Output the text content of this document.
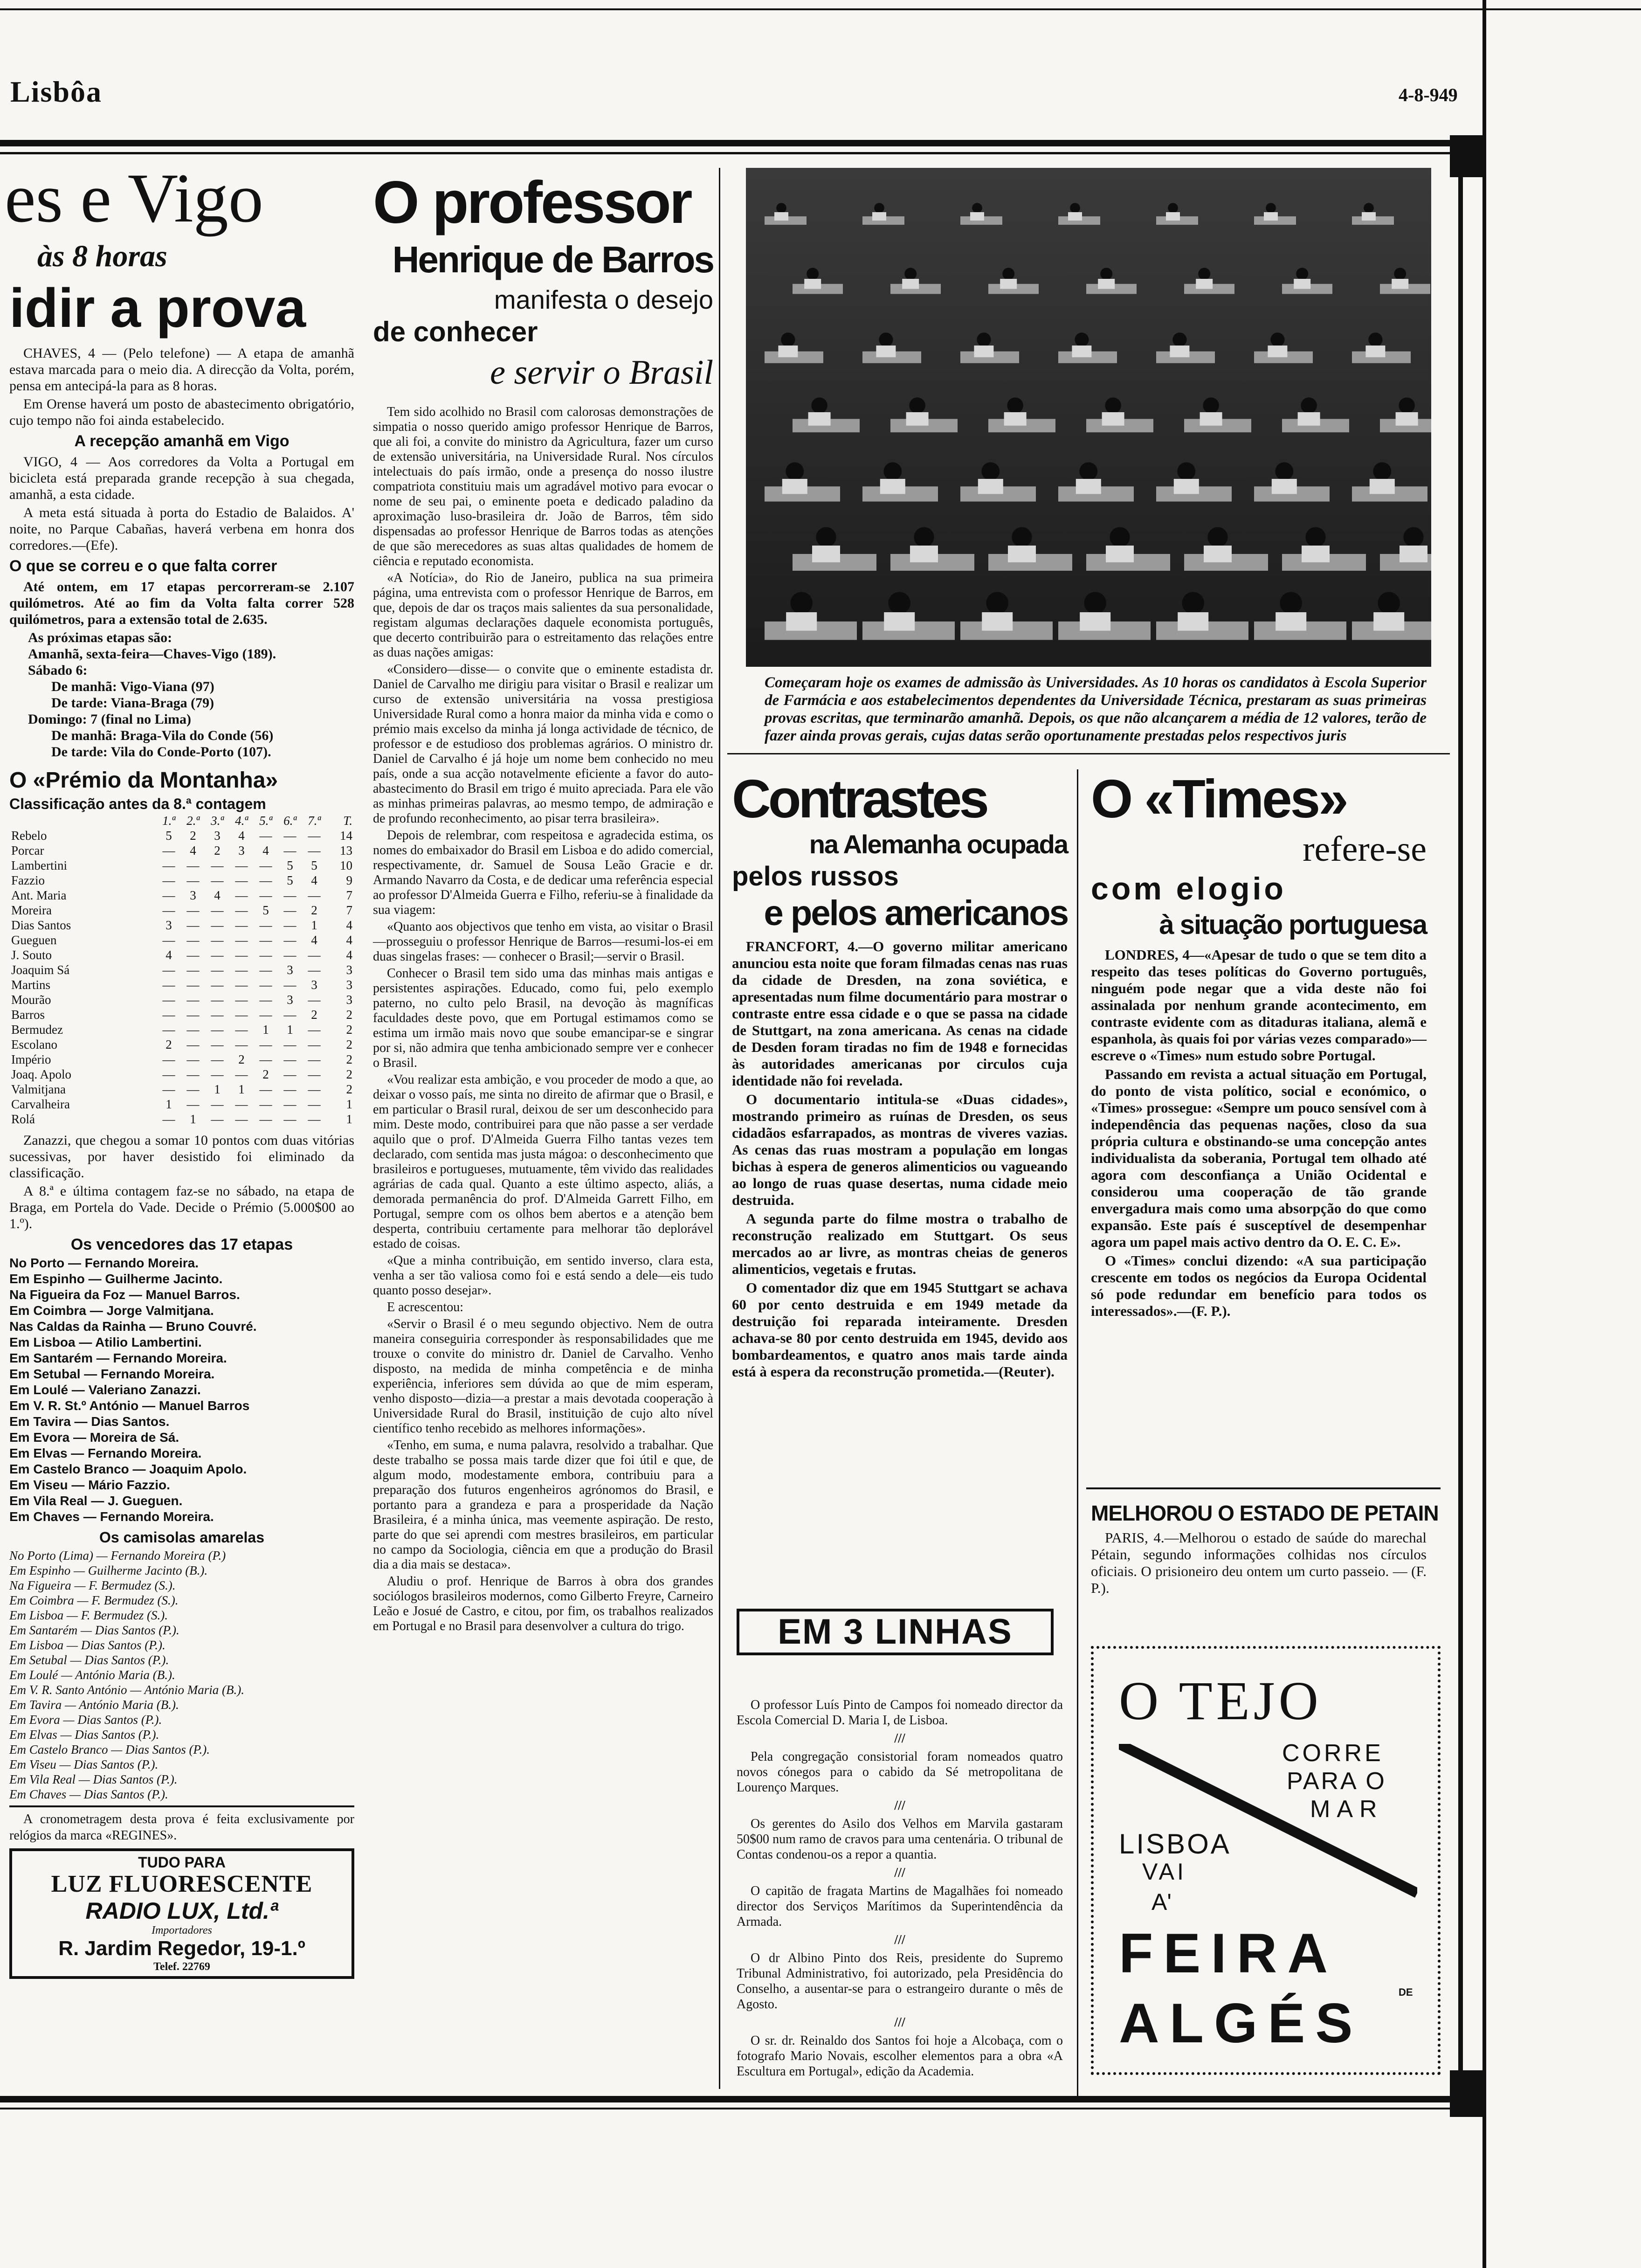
Lisbôa	4-8-949
es e Vigo
às 8 horas
idir a prova

CHAVES, 4 — (Pelo telefone) — A etapa de amanhã estava marcada para o meio dia. A direcção da Volta, porém, pensa em antecipá-la para as 8 horas.

Em Orense haverá um posto de abastecimento obrigatório, cujo tempo não foi ainda estabelecido.

A recepção amanhã em Vigo

VIGO, 4 — Aos corredores da Volta a Portugal em bicicleta está preparada grande recepção à sua chegada, amanhã, a esta cidade.

A meta está situada à porta do Estadio de Balaidos. A' noite, no Parque Cabañas, haverá verbena em honra dos corredores.—(Efe).

O que se correu e o que falta correr

Até ontem, em 17 etapas percorreram-se 2.107 quilómetros. Até ao fim da Volta falta correr 528 quilómetros, para a extensão total de 2.635.

As próximas etapas são:
Amanhã, sexta-feira—Chaves-Vigo (189).
Sábado 6:
De manhã: Vigo-Viana (97)
De tarde: Viana-Braga (79)
Domingo: 7 (final no Lima)
De manhã: Braga-Vila do Conde (56)
De tarde: Vila do Conde-Porto (107).
O «Prémio da Montanha»
Classificação antes da 8.ª contagem
	1.ª	2.ª	3.ª	4.ª	5.ª	6.ª	7.ª	T.
Rebelo	5	2	3	4	—	—	—	14
Porcar	—	4	2	3	4	—	—	13
Lambertini	—	—	—	—	—	5	5	10
Fazzio	—	—	—	—	—	5	4	9
Ant. Maria	—	3	4	—	—	—	—	7
Moreira	—	—	—	—	5	—	2	7
Dias Santos	3	—	—	—	—	—	1	4
Gueguen	—	—	—	—	—	—	4	4
J. Souto	4	—	—	—	—	—	—	4
Joaquim Sá	—	—	—	—	—	3	—	3
Martins	—	—	—	—	—	—	3	3
Mourão	—	—	—	—	—	3	—	3
Barros	—	—	—	—	—	—	2	2
Bermudez	—	—	—	—	1	1	—	2
Escolano	2	—	—	—	—	—	—	2
Império	—	—	—	2	—	—	—	2
Joaq. Apolo	—	—	—	—	2	—	—	2
Valmitjana	—	—	1	1	—	—	—	2
Carvalheira	1	—	—	—	—	—	—	1
Rolá	—	1	—	—	—	—	—	1

Zanazzi, que chegou a somar 10 pontos com duas vitórias sucessivas, por haver desistido foi eliminado da classificação.

A 8.ª e última contagem faz-se no sábado, na etapa de Braga, em Portela do Vade. Decide o Prémio (5.000$00 ao 1.º).

Os vencedores das 17 etapas
No Porto — Fernando Moreira.
Em Espinho — Guilherme Jacinto.
Na Figueira da Foz — Manuel Barros.
Em Coimbra — Jorge Valmitjana.
Nas Caldas da Rainha — Bruno Couvré.
Em Lisboa — Atilio Lambertini.
Em Santarém — Fernando Moreira.
Em Setubal — Fernando Moreira.
Em Loulé — Valeriano Zanazzi.
Em V. R. St.º António — Manuel Barros
Em Tavira — Dias Santos.
Em Evora — Moreira de Sá.
Em Elvas — Fernando Moreira.
Em Castelo Branco — Joaquim Apolo.
Em Viseu — Mário Fazzio.
Em Vila Real — J. Gueguen.
Em Chaves — Fernando Moreira.
Os camisolas amarelas
No Porto (Lima) — Fernando Moreira (P.)
Em Espinho — Guilherme Jacinto (B.).
Na Figueira — F. Bermudez (S.).
Em Coimbra — F. Bermudez (S.).
Em Lisboa — F. Bermudez (S.).
Em Santarém — Dias Santos (P.).
Em Lisboa — Dias Santos (P.).
Em Setubal — Dias Santos (P.).
Em Loulé — António Maria (B.).
Em V. R. Santo António — António Maria (B.).
Em Tavira — António Maria (B.).
Em Evora — Dias Santos (P.).
Em Elvas — Dias Santos (P.).
Em Castelo Branco — Dias Santos (P.).
Em Viseu — Dias Santos (P.).
Em Vila Real — Dias Santos (P.).
Em Chaves — Dias Santos (P.).

A cronometragem desta prova é feita exclusivamente por relógios da marca «REGINES».

TUDO PARA
LUZ FLUORESCENTE
RADIO LUX, Ltd.ª
Importadores
R. Jardim Regedor, 19-1.º
Telef. 22769
O professor
Henrique de Barros
manifesta o desejo
de conhecer
e servir o Brasil

Tem sido acolhido no Brasil com calorosas demonstrações de simpatia o nosso querido amigo professor Henrique de Barros, que ali foi, a convite do ministro da Agricultura, fazer um curso de extensão universitária, na Universidade Rural. Nos círculos intelectuais do país irmão, onde a presença do nosso ilustre compatriota constituiu mais um agradável motivo para evocar o nome de seu pai, o eminente poeta e dedicado paladino da aproximação luso-brasileira dr. João de Barros, têm sido dispensadas ao professor Henrique de Barros todas as atenções de que são merecedores as suas altas qualidades de homem de ciência e reputado economista.

«A Notícia», do Rio de Janeiro, publica na sua primeira página, uma entrevista com o professor Henrique de Barros, em que, depois de dar os traços mais salientes da sua personalidade, registam algumas declarações daquele economista português, que decerto contribuirão para o estreitamento das relações entre as duas nações amigas:

«Considero—disse— o convite que o eminente estadista dr. Daniel de Carvalho me dirigiu para visitar o Brasil e realizar um curso de extensão universitária na vossa prestigiosa Universidade Rural como a honra maior da minha vida e como o prémio mais excelso da minha já longa actividade de técnico, de professor e de estudioso dos problemas agrários. O ministro dr. Daniel de Carvalho é já hoje um nome bem conhecido no meu país, onde a sua acção notavelmente eficiente a favor do auto-abastecimento do Brasil em trigo é muito apreciada. Para ele vão as minhas primeiras palavras, ao mesmo tempo, de admiração e de profundo reconhecimento, ao pisar terra brasileira».

Depois de relembrar, com respeitosa e agradecida estima, os nomes do embaixador do Brasil em Lisboa e do adido comercial, respectivamente, dr. Samuel de Sousa Leão Gracie e dr. Armando Navarro da Costa, e de dedicar uma referência especial ao professor D'Almeida Guerra e Filho, referiu-se à finalidade da sua viagem:

«Quanto aos objectivos que tenho em vista, ao visitar o Brasil—prosseguiu o professor Henrique de Barros—resumi-los-ei em duas singelas frases: — conhecer o Brasil;—servir o Brasil.

Conhecer o Brasil tem sido uma das minhas mais antigas e persistentes aspirações. Educado, como fui, pelo exemplo paterno, no culto pelo Brasil, na devoção às magníficas faculdades deste povo, que em Portugal estimamos como se estima um irmão mais novo que soube emancipar-se e singrar por si, não admira que tenha ambicionado sempre ver e conhecer o Brasil.

«Vou realizar esta ambição, e vou proceder de modo a que, ao deixar o vosso país, me sinta no direito de afirmar que o Brasil, e em particular o Brasil rural, deixou de ser um desconhecido para mim. Deste modo, contribuirei para que não passe a ser verdade aquilo que o prof. D'Almeida Guerra Filho tantas vezes tem declarado, com sentida mas justa mágoa: o desconhecimento que brasileiros e portugueses, mutuamente, têm vivido das realidades agrárias de cada qual. Quanto a este último aspecto, aliás, a demorada permanência do prof. D'Almeida Garrett Filho, em Portugal, sempre com os olhos bem abertos e a atenção bem desperta, contribuiu certamente para melhorar tão deplorável estado de coisas.

«Que a minha contribuição, em sentido inverso, clara esta, venha a ser tão valiosa como foi e está sendo a dele—eis tudo quanto posso desejar».

E acrescentou:

«Servir o Brasil é o meu segundo objectivo. Nem de outra maneira conseguiria corresponder às responsabilidades que me trouxe o convite do ministro dr. Daniel de Carvalho. Venho disposto, na medida de minha competência e de minha experiência, inferiores sem dúvida ao que de mim esperam, venho disposto—dizia—a prestar a mais devotada cooperação à Universidade Rural do Brasil, instituição de cujo alto nível científico tenho recebido as melhores informações».

«Tenho, em suma, e numa palavra, resolvido a trabalhar. Que deste trabalho se possa mais tarde dizer que foi útil e que, de algum modo, modestamente embora, contribuiu para a preparação dos futuros engenheiros agrónomos do Brasil, e portanto para a grandeza e para a prosperidade da Nação Brasileira, é a minha única, mas veemente aspiração. De resto, parte do que sei aprendi com mestres brasileiros, em particular no campo da Sociologia, ciência em que a produção do Brasil dia a dia mais se destaca».

Aludiu o prof. Henrique de Barros à obra dos grandes sociólogos brasileiros modernos, como Gilberto Freyre, Carneiro Leão e Josué de Castro, e citou, por fim, os trabalhos realizados em Portugal e no Brasil para desenvolver a cultura do trigo.

Começaram hoje os exames de admissão às Universidades. As 10 horas os candidatos à Escola Superior de Farmácia e aos estabelecimentos dependentes da Universidade Técnica, prestaram as suas primeiras provas escritas, que terminarão amanhã. Depois, os que não alcançarem a média de 12 valores, terão de fazer ainda provas gerais, cujas datas serão oportunamente prestadas pelos respectivos juris
Contrastes
na Alemanha ocupada
pelos russos
e pelos americanos

FRANCFORT, 4.—O governo militar americano anunciou esta noite que foram filmadas cenas nas ruas da cidade de Dresden, na zona soviética, e apresentadas num filme documentário para mostrar o contraste entre essa cidade e o que se passa na cidade de Stuttgart, na zona americana. As cenas na cidade de Desden foram tiradas no fim de 1948 e fornecidas às autoridades americanas por circulos cuja identidade não foi revelada.

O documentario intitula-se «Duas cidades», mostrando primeiro as ruínas de Dresden, os seus cidadãos esfarrapados, as montras de viveres vazias. As cenas das ruas mostram a população em longas bichas à espera de generos alimenticios ou vagueando ao longo de ruas quase desertas, numa cidade meio destruida.

A segunda parte do filme mostra o trabalho de reconstrução realizado em Stuttgart. Os seus mercados ao ar livre, as montras cheias de generos alimenticios, vegetais e frutas.

O comentador diz que em 1945 Stuttgart se achava 60 por cento destruida e em 1949 metade da destruição foi reparada inteiramente. Dresden achava-se 80 por cento destruida em 1945, devido aos bombardeamentos, e quatro anos mais tarde ainda está à espera da reconstrução prometida.—(Reuter).

EM 3 LINHAS

O professor Luís Pinto de Campos foi nomeado director da Escola Comercial D. Maria I, de Lisboa.

///

Pela congregação consistorial foram nomeados quatro novos cónegos para o cabido da Sé metropolitana de Lourenço Marques.

///

Os gerentes do Asilo dos Velhos em Marvila gastaram 50$00 num ramo de cravos para uma centenária. O tribunal de Contas condenou-os a repor a quantia.

///

O capitão de fragata Martins de Magalhães foi nomeado director dos Serviços Marítimos da Superintendência da Armada.

///

O dr Albino Pinto dos Reis, presidente do Supremo Tribunal Administrativo, foi autorizado, pela Presidência do Conselho, a ausentar-se para o estrangeiro durante o mês de Agosto.

///

O sr. dr. Reinaldo dos Santos foi hoje a Alcobaça, com o fotografo Mario Novais, escolher elementos para a obra «A Escultura em Portugal», edição da Academia.

O «Times»
refere-se
com elogio
à situação portuguesa

LONDRES, 4—«Apesar de tudo o que se tem dito a respeito das teses políticas do Governo português, ninguém pode negar que a vida deste não foi assinalada por nenhum grande acontecimento, em contraste evidente com as ditaduras italiana, alemã e espanhola, às quais foi por várias vezes comparado»—escreve o «Times» num estudo sobre Portugal.

Passando em revista a actual situação em Portugal, do ponto de vista político, social e económico, o «Times» prossegue: «Sempre um pouco sensível com à independência das pequenas nações, closo da sua própria cultura e obstinando-se uma concepção antes individualista da soberania, Portugal tem olhado até agora com desconfiança a União Ocidental e considerou uma cooperação de tão grande envergadura mais como uma absorpção do que como expansão. Este país é susceptível de desempenhar agora um papel mais activo dentro da O. E. C. E».

O «Times» conclui dizendo: «A sua participação crescente em todos os negócios da Europa Ocidental só pode redundar em benefício para todos os interessados».—(F. P.).

MELHOROU O ESTADO DE PETAIN

PARIS, 4.—Melhorou o estado de saúde do marechal Pétain, segundo informações colhidas nos círculos oficiais. O prisioneiro deu ontem um curto passeio. — (F. P.).

O TEJO
CORRE
PARA O
MAR
LISBOA
VAI
A'
FEIRA
DE
ALGÉS
